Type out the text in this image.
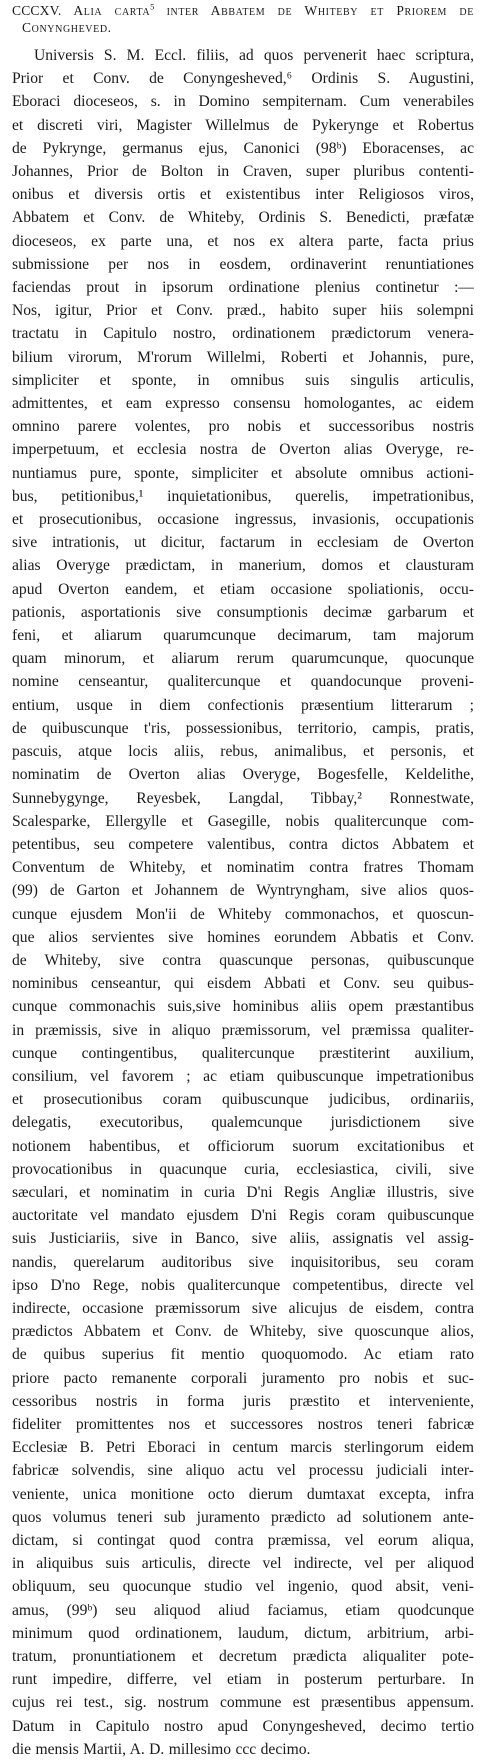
CCCXV. Alia carta$^5$ inter Abbatem de Whiteby et Priorem de Conyngheved.

Universis S. M. Eccl. filiis, ad quos pervenerit haec scriptura,
Prior et Conv. de Conyngesheved,⁶ Ordinis S. Augustini,
Eboraci dioceseos, s. in Domino sempiternam. Cum venerabiles
et discreti viri, Magister Willelmus de Pykerynge et Robertus
de Pykrynge, germanus ejus, Canonici (98ᵇ) Eboracenses, ac
Johannes, Prior de Bolton in Craven, super pluribus contenti-
onibus et diversis ortis et existentibus inter Religiosos viros,
Abbatem et Conv. de Whiteby, Ordinis S. Benedicti, præfatæ
dioceseos, ex parte una, et nos ex altera parte, facta prius
submissione per nos in eosdem, ordinaverint renuntiationes
faciendas prout in ipsorum ordinatione plenius continetur :—
Nos, igitur, Prior et Conv. præd., habito super hiis solempni
tractatu in Capitulo nostro, ordinationem prædictorum venera-
bilium virorum, M'rorum Willelmi, Roberti et Johannis, pure,
simpliciter et sponte, in omnibus suis singulis articulis,
admittentes, et eam expresso consensu homologantes, ac eidem
omnino parere volentes, pro nobis et successoribus nostris
imperpetuum, et ecclesia nostra de Overton alias Overyge, re-
nuntiamus pure, sponte, simpliciter et absolute omnibus actioni-
bus, petitionibus,¹ inquietationibus, querelis, impetrationibus,
et prosecutionibus, occasione ingressus, invasionis, occupationis
sive intrationis, ut dicitur, factarum in ecclesiam de Overton
alias Overyge prædictam, in manerium, domos et clausturam
apud Overton eandem, et etiam occasione spoliationis, occu-
pationis, asportationis sive consumptionis decimæ garbarum et
feni, et aliarum quarumcunque decimarum, tam majorum
quam minorum, et aliarum rerum quarumcunque, quocunque
nomine censeantur, qualitercunque et quandocunque proveni-
entium, usque in diem confectionis præsentium litterarum ;
de quibuscunque t'ris, possessionibus, territorio, campis, pratis,
pascuis, atque locis aliis, rebus, animalibus, et personis, et
nominatim de Overton alias Overyge, Bogesfelle, Keldelithe,
Sunnebygynge, Reyesbek, Langdal, Tibbay,² Ronnestwate,
Scalesparke, Ellergylle et Gasegille, nobis qualitercunque com-
petentibus, seu competere valentibus, contra dictos Abbatem et
Conventum de Whiteby, et nominatim contra fratres Thomam
(99) de Garton et Johannem de Wyntryngham, sive alios quos-
cunque ejusdem Mon'ii de Whiteby commonachos, et quoscun-
que alios servientes sive homines eorundem Abbatis et Conv.
de Whiteby, sive contra quascunque personas, quibuscunque
nominibus censeantur, qui eisdem Abbati et Conv. seu quibus-
cunque commonachis suis,sive hominibus aliis opem præstantibus
in præmissis, sive in aliquo præmissorum, vel præmissa qualiter-
cunque contingentibus, qualitercunque præstiterint auxilium,
consilium, vel favorem ; ac etiam quibuscunque impetrationibus
et prosecutionibus coram quibuscunque judicibus, ordinariis,
delegatis, executoribus, qualemcunque jurisdictionem sive
notionem habentibus, et officiorum suorum excitationibus et
provocationibus in quacunque curia, ecclesiastica, civili, sive
sæculari, et nominatim in curia D'ni Regis Angliæ illustris, sive
auctoritate vel mandato ejusdem D'ni Regis coram quibuscunque
suis Justiciariis, sive in Banco, sive aliis, assignatis vel assig-
nandis, querelarum auditoribus sive inquisitoribus, seu coram
ipso D'no Rege, nobis qualitercunque competentibus, directe vel
indirecte, occasione præmissorum sive alicujus de eisdem, contra
prædictos Abbatem et Conv. de Whiteby, sive quoscunque alios,
de quibus superius fit mentio quoquomodo. Ac etiam rato
priore pacto remanente corporali juramento pro nobis et suc-
cessoribus nostris in forma juris præstito et interveniente,
fideliter promittentes nos et successores nostros teneri fabricæ
Ecclesiæ B. Petri Eboraci in centum marcis sterlingorum eidem
fabricæ solvendis, sine aliquo actu vel processu judiciali inter-
veniente, unica monitione octo dierum dumtaxat excepta, infra
quos volumus teneri sub juramento prædicto ad solutionem ante-
dictam, si contingat quod contra præmissa, vel eorum aliqua,
in aliquibus suis articulis, directe vel indirecte, vel per aliquod
obliquum, seu quocunque studio vel ingenio, quod absit, veni-
amus, (99ᵇ) seu aliquod aliud faciamus, etiam quodcunque
minimum quod ordinationem, laudum, dictum, arbitrium, arbi-
tratum, pronuntiationem et decretum prædicta aliqualiter pote-
runt impedire, differre, vel etiam in posterum perturbare. In
cujus rei test., sig. nostrum commune est præsentibus appensum.
Datum in Capitulo nostro apud Conyngesheved, decimo tertio
die mensis Martii, A. D. millesimo ccc decimo.
